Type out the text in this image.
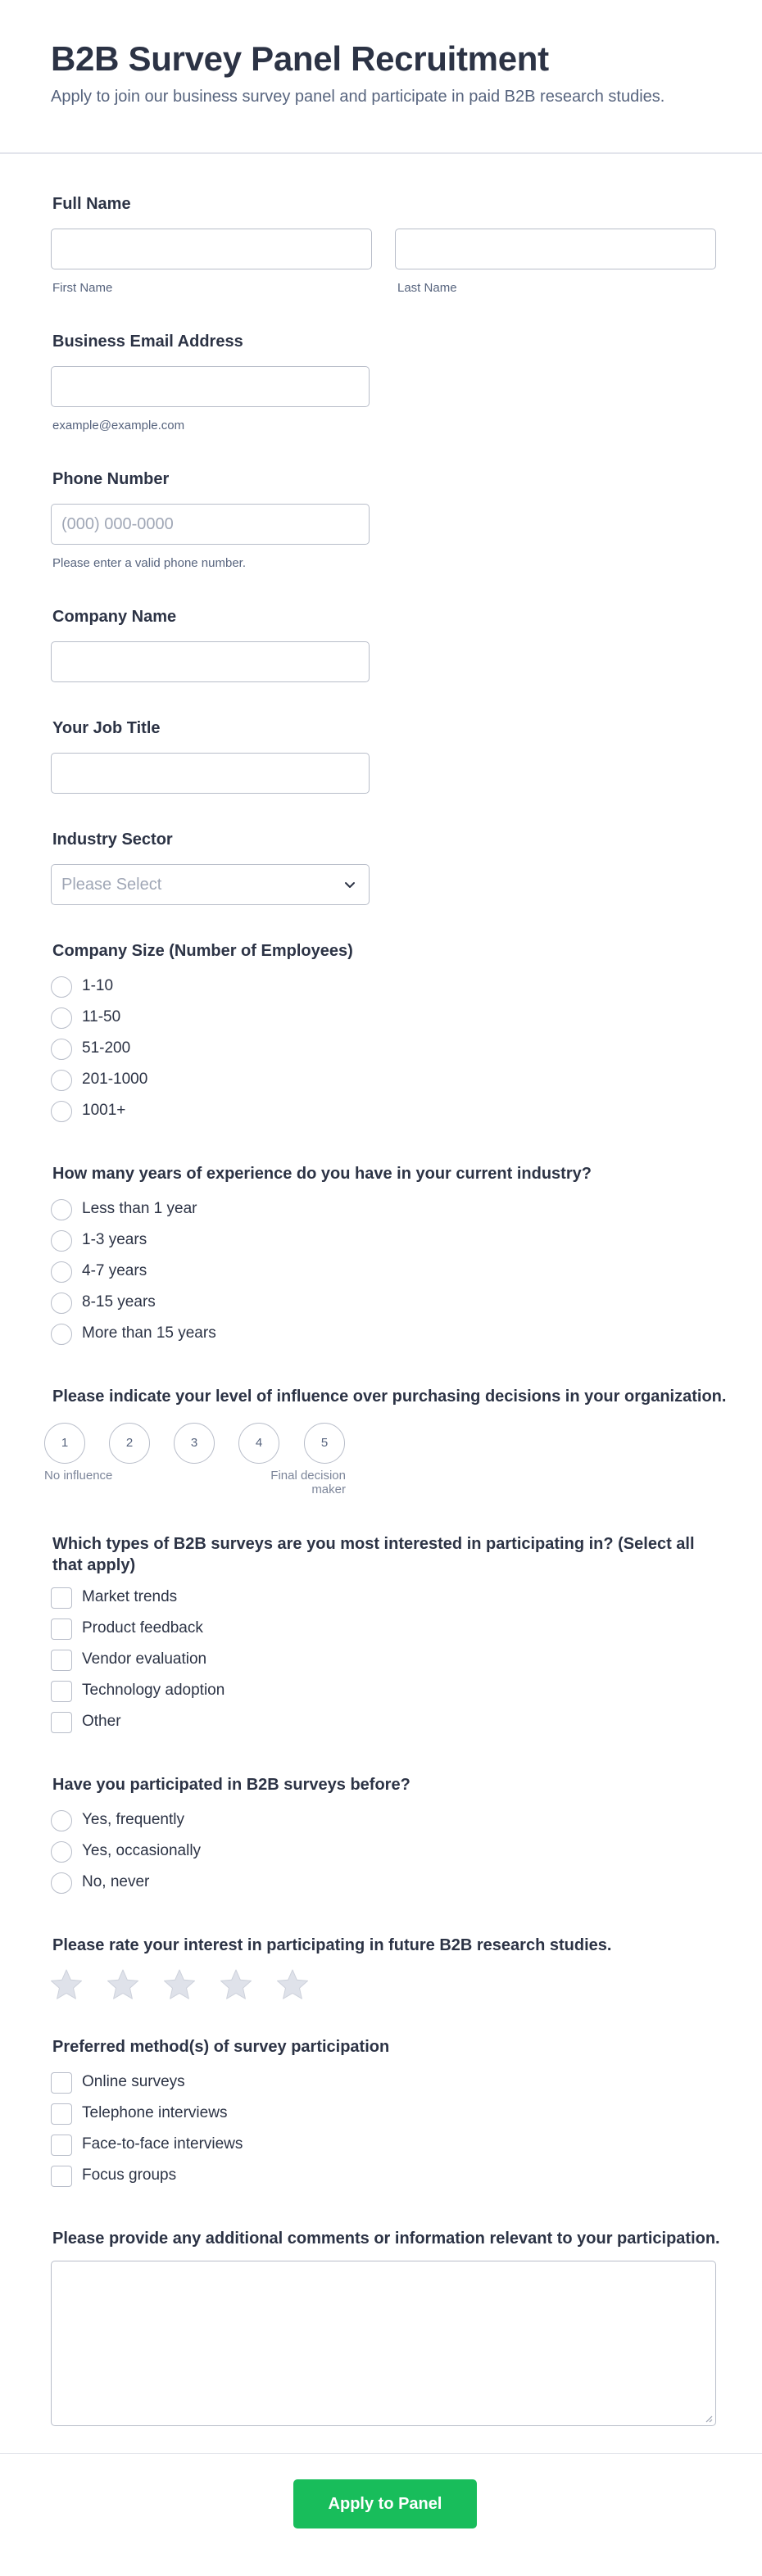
B2B Survey Panel Recruitment
Apply to join our business survey panel and participate in paid B2B research studies.
Full Name
First Name	Last Name
Business Email Address
example@example.com
Phone Number
(000) 000-0000
Please enter a valid phone number.
Company Name
Your Job Title
Industry Sector
Please Select
Company Size (Number of Employees)
1-10
11-50
51-200
201-1000
1001+
How many years of experience do you have in your current industry?
Less than 1 year
1-3 years
4-7 years
8-15 years
More than 15 years
Please indicate your level of influence over purchasing decisions in your organization.
1	2	3	4	5
No influence	Final decision
maker
Which types of B2B surveys are you most interested in participating in? (Select all
that apply)
Market trends
Product feedback
Vendor evaluation
Technology adoption
Other
Have you participated in B2B surveys before?
Yes, frequently
Yes, occasionally
No, never
Please rate your interest in participating in future B2B research studies.
Preferred method(s) of survey participation
Online surveys
Telephone interviews
Face-to-face interviews
Focus groups
Please provide any additional comments or information relevant to your participation.
Apply to Panel
